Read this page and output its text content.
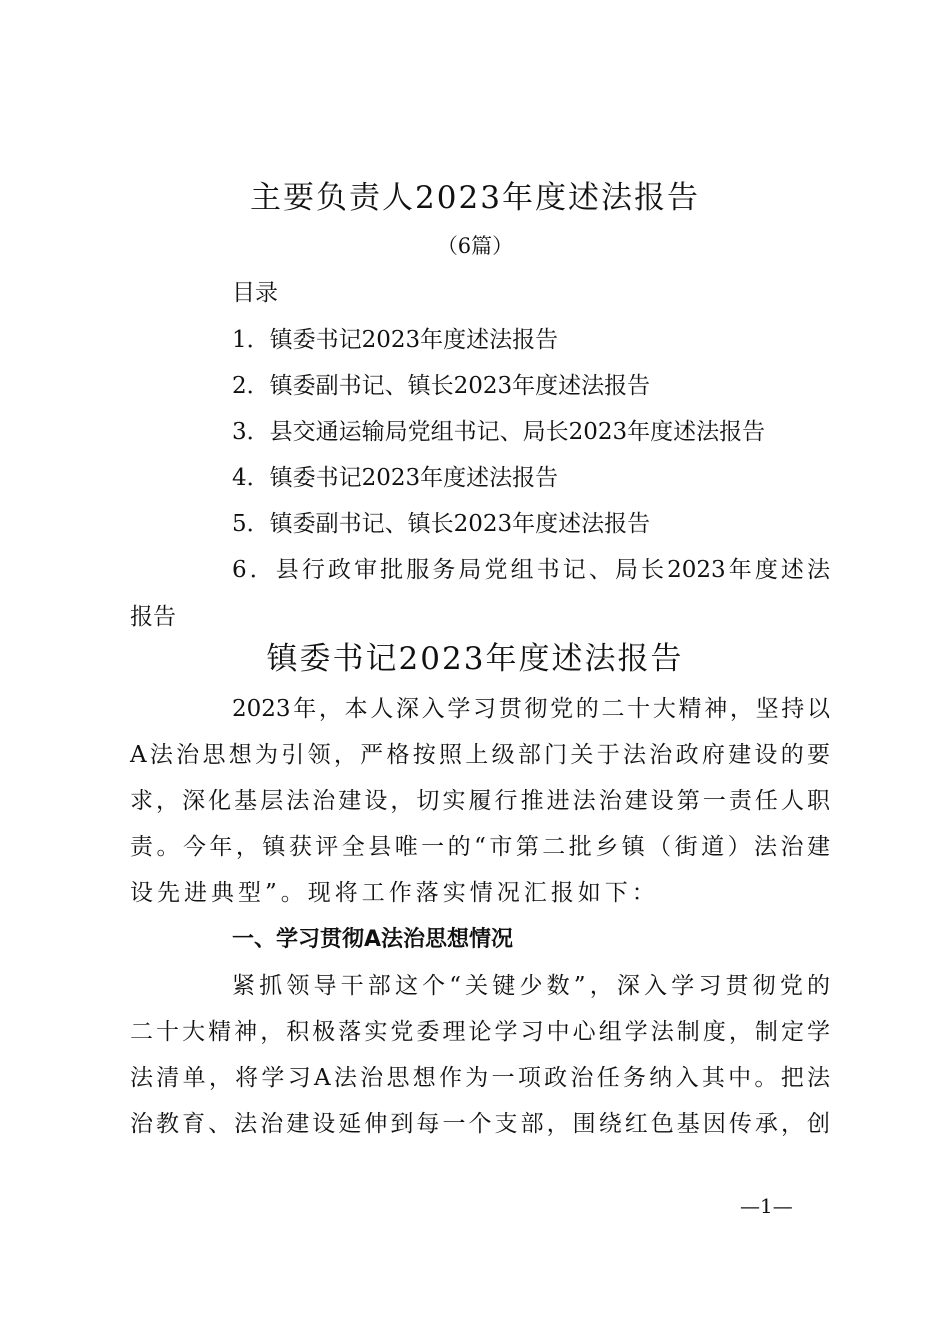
主要负责人2023年度述法报告
（6篇）
目录
1．镇委书记2023年度述法报告
2．镇委副书记、镇长2023年度述法报告
3．县交通运输局党组书记、局长2023年度述法报告
4．镇委书记2023年度述法报告
5．镇委副书记、镇长2023年度述法报告
6．县行政审批服务局党组书记、局长2023年度述法
报告
镇委书记2023年度述法报告
2023年，本人深入学习贯彻党的二十大精神，坚持以
A法治思想为引领，严格按照上级部门关于法治政府建设的要
求，深化基层法治建设，切实履行推进法治建设第一责任人职
责。今年，镇获评全县唯一的“市第二批乡镇（街道）法治建
设先进典型”。现将工作落实情况汇报如下：
一、学习贯彻A法治思想情况
紧抓领导干部这个“关键少数”，深入学习贯彻党的
二十大精神，积极落实党委理论学习中心组学法制度，制定学
法清单，将学习A法治思想作为一项政治任务纳入其中。把法
治教育、法治建设延伸到每一个支部，围绕红色基因传承，创
—1—
